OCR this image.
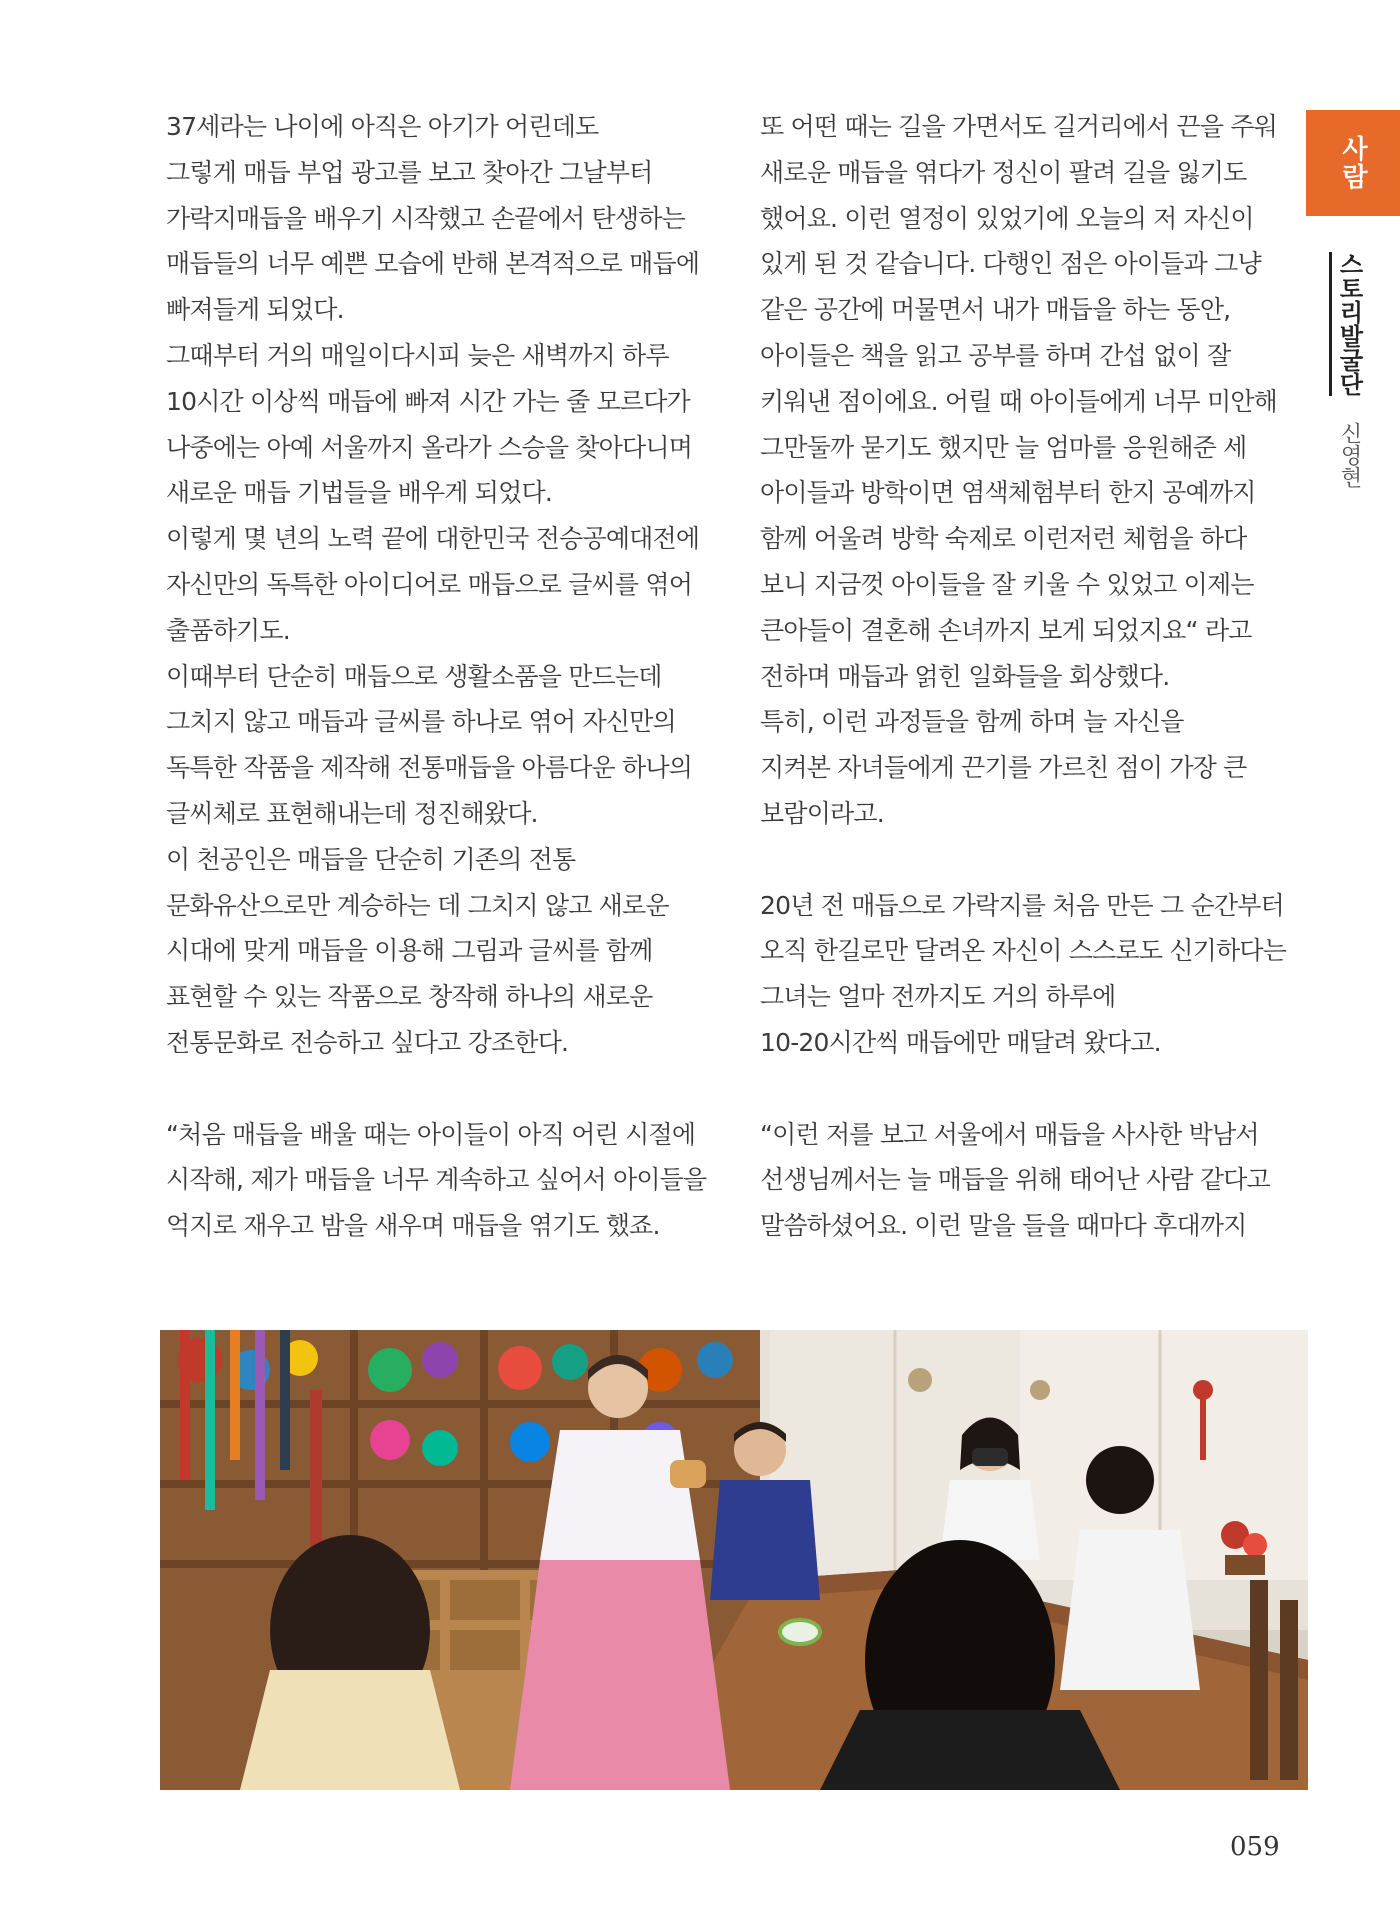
37세라는 나이에 아직은 아기가 어린데도

그렇게 매듭 부업 광고를 보고 찾아간 그날부터

가락지매듭을 배우기 시작했고 손끝에서 탄생하는

매듭들의 너무 예쁜 모습에 반해 본격적으로 매듭에

빠져들게 되었다.

그때부터 거의 매일이다시피 늦은 새벽까지 하루

10시간 이상씩 매듭에 빠져 시간 가는 줄 모르다가

나중에는 아예 서울까지 올라가 스승을 찾아다니며

새로운 매듭 기법들을 배우게 되었다.

이렇게 몇 년의 노력 끝에 대한민국 전승공예대전에

자신만의 독특한 아이디어로 매듭으로 글씨를 엮어

출품하기도.

이때부터 단순히 매듭으로 생활소품을 만드는데

그치지 않고 매듭과 글씨를 하나로 엮어 자신만의

독특한 작품을 제작해 전통매듭을 아름다운 하나의

글씨체로 표현해내는데 정진해왔다.

이 천공인은 매듭을 단순히 기존의 전통

문화유산으로만 계승하는 데 그치지 않고 새로운

시대에 맞게 매듭을 이용해 그림과 글씨를 함께

표현할 수 있는 작품으로 창작해 하나의 새로운

전통문화로 전승하고 싶다고 강조한다.

“처음 매듭을 배울 때는 아이들이 아직 어린 시절에

시작해, 제가 매듭을 너무 계속하고 싶어서 아이들을

억지로 재우고 밤을 새우며 매듭을 엮기도 했죠.

또 어떤 때는 길을 가면서도 길거리에서 끈을 주워

새로운 매듭을 엮다가 정신이 팔려 길을 잃기도

했어요. 이런 열정이 있었기에 오늘의 저 자신이

있게 된 것 같습니다. 다행인 점은 아이들과 그냥

같은 공간에 머물면서 내가 매듭을 하는 동안,

아이들은 책을 읽고 공부를 하며 간섭 없이 잘

키워낸 점이에요. 어릴 때 아이들에게 너무 미안해

그만둘까 묻기도 했지만 늘 엄마를 응원해준 세

아이들과 방학이면 염색체험부터 한지 공예까지

함께 어울려 방학 숙제로 이런저런 체험을 하다

보니 지금껏 아이들을 잘 키울 수 있었고 이제는

큰아들이 결혼해 손녀까지 보게 되었지요“ 라고

전하며 매듭과 얽힌 일화들을 회상했다.

특히, 이런 과정들을 함께 하며 늘 자신을

지켜본 자녀들에게 끈기를 가르친 점이 가장 큰

보람이라고.

20년 전 매듭으로 가락지를 처음 만든 그 순간부터

오직 한길로만 달려온 자신이 스스로도 신기하다는

그녀는 얼마 전까지도 거의 하루에

10-20시간씩 매듭에만 매달려 왔다고.

“이런 저를 보고 서울에서 매듭을 사사한 박남서

선생님께서는 늘 매듭을 위해 태어난 사람 같다고

말씀하셨어요. 이런 말을 들을 때마다 후대까지

사람
스토리발굴단 신영현
059
